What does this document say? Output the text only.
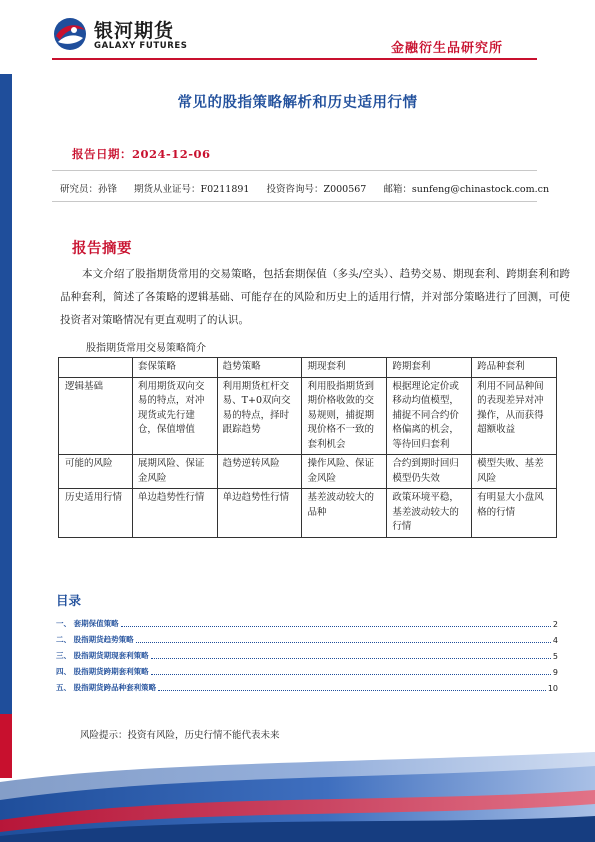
银河期货
GALAXY FUTURES	金融衍生品研究所
常见的股指策略解析和历史适用行情
报告日期：2024-12-06
研究员：孙锋 期货从业证号：F0211891 投资咨询号：Z000567 邮箱：sunfeng@chinastock.com.cn
报告摘要

本文介绍了股指期货常用的交易策略，包括套期保值（多头/空头）、趋势交易、期现套利、跨期套利和跨品种套利，简述了各策略的逻辑基础、可能存在的风险和历史上的适用行情，并对部分策略进行了回测，可使投资者对策略情况有更直观明了的认识。

股指期货常用交易策略简介
	套保策略	趋势策略	期现套利	跨期套利	跨品种套利
逻辑基础	利用期货双向交易的特点，对冲现货或先行建仓，保值增值	利用期货杠杆交易、T+0双向交易的特点，择时跟踪趋势	利用股指期货到期价格收敛的交易规则，捕捉期现价格不一致的套利机会	根据理论定价或移动均值模型，捕捉不同合约价格偏离的机会，等待回归套利	利用不同品种间的表现差异对冲操作，从而获得超额收益
可能的风险	展期风险、保证金风险	趋势逆转风险	操作风险、保证金风险	合约到期时回归模型仍失效	模型失败、基差风险
历史适用行情	单边趋势性行情	单边趋势性行情	基差波动较大的品种	政策环境平稳，基差波动较大的行情	有明显大小盘风格的行情
目录
一、 套期保值策略	2
二、 股指期货趋势策略	4
三、 股指期货期现套利策略	5
四、 股指期货跨期套利策略	9
五、 股指期货跨品种套利策略	10
风险提示：投资有风险，历史行情不能代表未来
